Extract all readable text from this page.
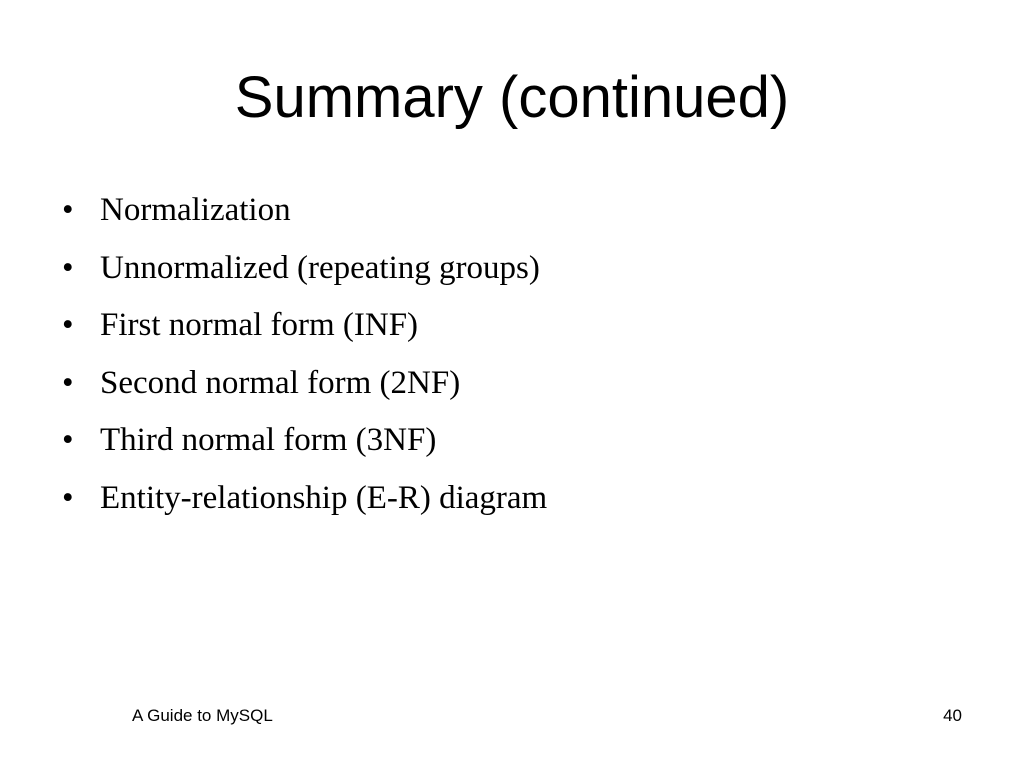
Summary (continued)
• Normalization
• Unnormalized (repeating groups)
• First normal form (INF)
• Second normal form (2NF)
• Third normal form (3NF)
• Entity-relationship (E-R) diagram
A Guide to MySQL	40
